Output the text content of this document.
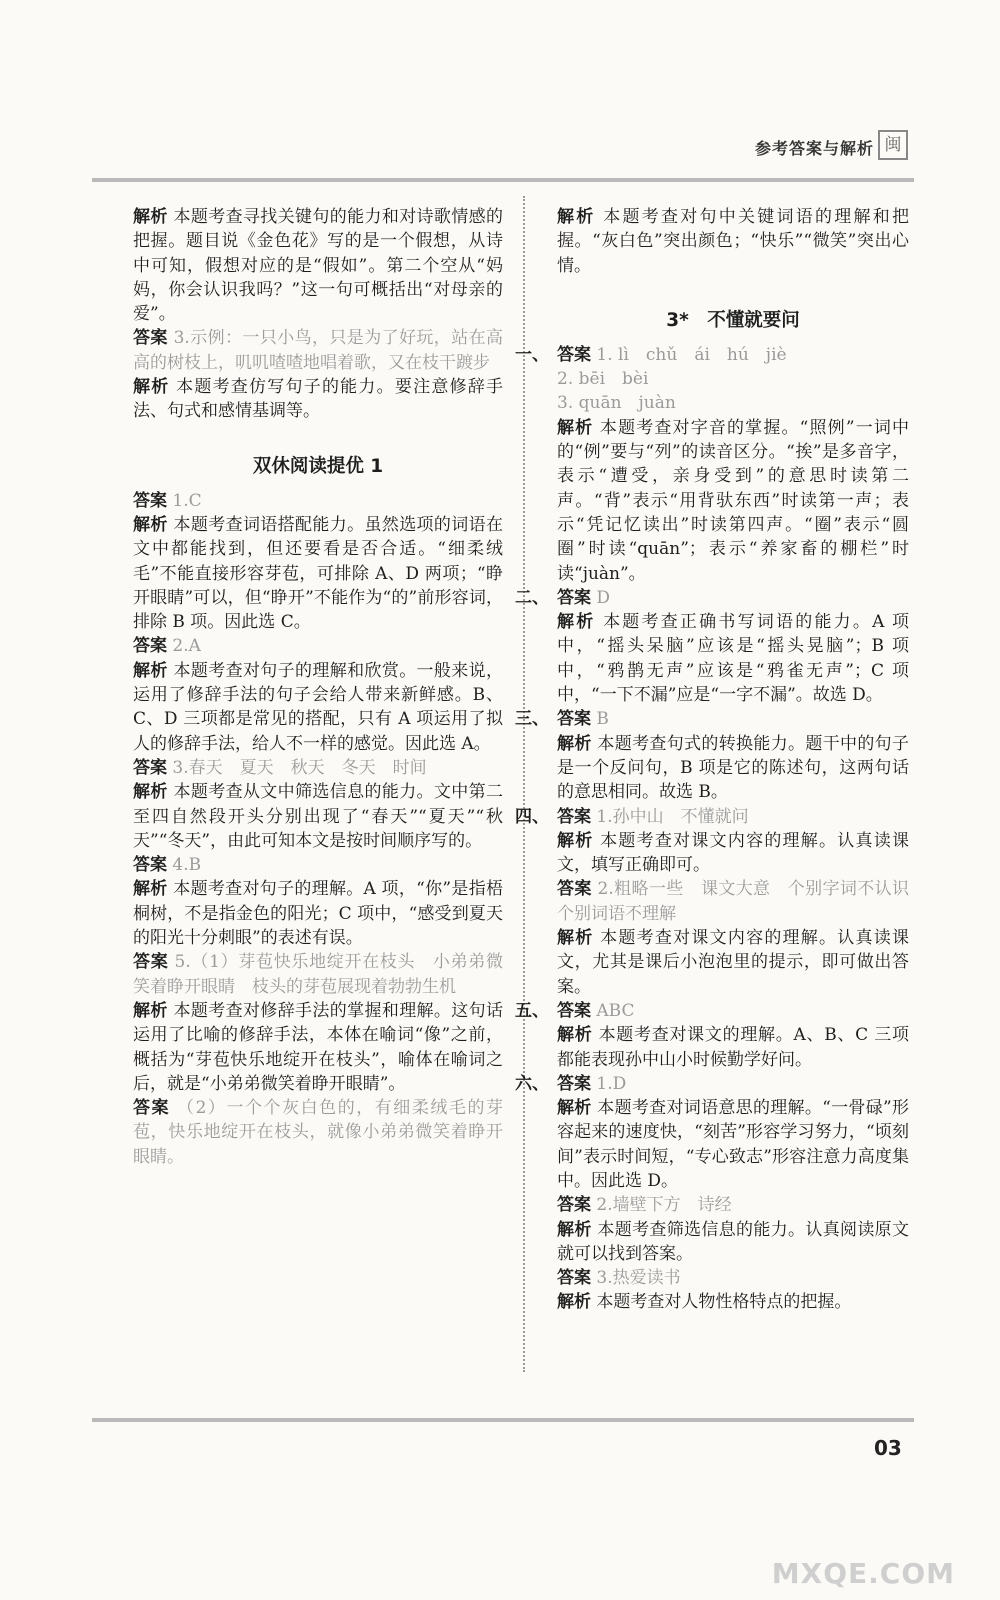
参考答案与解析 闽

解析 本题考查寻找关键句的能力和对诗歌情感的把握。题目说《金色花》写的是一个假想，从诗中可知，假想对应的是“假如”。第二个空从“妈妈，你会认识我吗？”这一句可概括出“对母亲的爱”。

答案 3.示例：一只小鸟，只是为了好玩，站在高高的树枝上，叽叽喳喳地唱着歌，又在枝干踱步

解析 本题考查仿写句子的能力。要注意修辞手法、句式和感情基调等。

双休阅读提优 1

答案 1.C

解析 本题考查词语搭配能力。虽然选项的词语在文中都能找到，但还要看是否合适。“细柔绒毛”不能直接形容芽苞，可排除 A、D 两项；“睁开眼睛”可以，但“睁开”不能作为“的”前形容词，排除 B 项。因此选 C。

答案 2.A

解析 本题考查对句子的理解和欣赏。一般来说，运用了修辞手法的句子会给人带来新鲜感。B、C、D 三项都是常见的搭配，只有 A 项运用了拟人的修辞手法，给人不一样的感觉。因此选 A。

答案 3.春天　夏天　秋天　冬天　时间

解析 本题考查从文中筛选信息的能力。文中第二至四自然段开头分别出现了“春天”“夏天”“秋天”“冬天”，由此可知本文是按时间顺序写的。

答案 4.B

解析 本题考查对句子的理解。A 项，“你”是指梧桐树，不是指金色的阳光；C 项中，“感受到夏天的阳光十分刺眼”的表述有误。

答案 5.（1）芽苞快乐地绽开在枝头　小弟弟微笑着睁开眼睛　枝头的芽苞展现着勃勃生机

解析 本题考查对修辞手法的掌握和理解。这句话运用了比喻的修辞手法，本体在喻词“像”之前，概括为“芽苞快乐地绽开在枝头”，喻体在喻词之后，就是“小弟弟微笑着睁开眼睛”。

答案 （2）一个个灰白色的，有细柔绒毛的芽苞，快乐地绽开在枝头，就像小弟弟微笑着睁开眼睛。

解析 本题考查对句中关键词语的理解和把握。“灰白色”突出颜色；“快乐”“微笑”突出心情。

3*　不懂就要问

一、 答案 1. lì　chǔ　ái　hú　jiè

2. bēi　bèi

3. quān　juàn

解析 本题考查对字音的掌握。“照例”一词中的“例”要与“列”的读音区分。“挨”是多音字，表示“遭受，亲身受到”的意思时读第二声。“背”表示“用背驮东西”时读第一声；表示“凭记忆读出”时读第四声。“圈”表示“圆圈”时读“quān”；表示“养家畜的棚栏”时读“juàn”。

二、 答案 D

解析 本题考查正确书写词语的能力。A 项中，“摇头呆脑”应该是“摇头晃脑”；B 项中，“鸦鹊无声”应该是“鸦雀无声”；C 项中，“一下不漏”应是“一字不漏”。故选 D。

三、 答案 B

解析 本题考查句式的转换能力。题干中的句子是一个反问句，B 项是它的陈述句，这两句话的意思相同。故选 B。

四、 答案 1.孙中山　不懂就问

解析 本题考查对课文内容的理解。认真读课文，填写正确即可。

答案 2.粗略一些　课文大意　个别字词不认识　个别词语不理解

解析 本题考查对课文内容的理解。认真读课文，尤其是课后小泡泡里的提示，即可做出答案。

五、 答案 ABC

解析 本题考查对课文的理解。A、B、C 三项都能表现孙中山小时候勤学好问。

六、 答案 1.D

解析 本题考查对词语意思的理解。“一骨碌”形容起来的速度快，“刻苦”形容学习努力，“顷刻间”表示时间短，“专心致志”形容注意力高度集中。因此选 D。

答案 2.墙壁下方　诗经

解析 本题考查筛选信息的能力。认真阅读原文就可以找到答案。

答案 3.热爱读书

解析 本题考查对人物性格特点的把握。

03
MXQE.COM
